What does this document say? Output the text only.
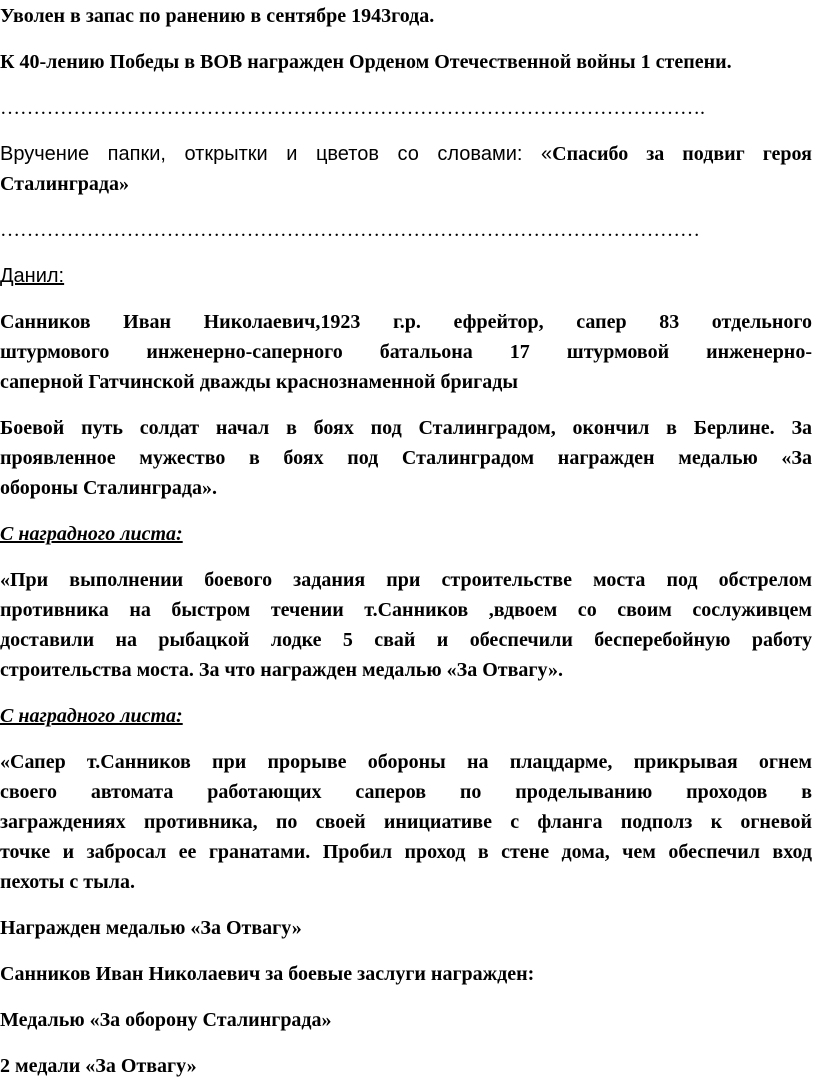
Уволен в запас по ранению в сентябре 1943года.

К 40-лению Победы в ВОВ награжден Орденом Отечественной войны 1 степени.

…………………………………………………………………………………………….

Вручение папки, открытки и цветов со словами: «Спасибо за подвиг героя

Сталинграда»

……………………………………………………………………………………………

Данил:

Санников Иван Николаевич,1923 г.р. ефрейтор, сапер 83 отдельного

штурмового инженерно-саперного батальона 17 штурмовой инженерно-

саперной Гатчинской дважды краснознаменной бригады

Боевой путь солдат начал в боях под Сталинградом, окончил в Берлине. За

проявленное мужество в боях под Сталинградом награжден медалью «За

обороны Сталинграда».

С наградного листа:

«При выполнении боевого задания при строительстве моста под обстрелом

противника на быстром течении т.Санников ,вдвоем со своим сослуживцем

доставили на рыбацкой лодке 5 свай и обеспечили бесперебойную работу

строительства моста. За что награжден медалью «За Отвагу».

С наградного листа:

«Сапер т.Санников при прорыве обороны на плацдарме, прикрывая огнем

своего автомата работающих саперов по проделыванию проходов в

заграждениях противника, по своей инициативе с фланга подполз к огневой

точке и забросал ее гранатами. Пробил проход в стене дома, чем обеспечил вход

пехоты с тыла.

Награжден медалью «За Отвагу»

Санников Иван Николаевич за боевые заслуги награжден:

Медалью «За оборону Сталинграда»

2 медали «За Отвагу»
